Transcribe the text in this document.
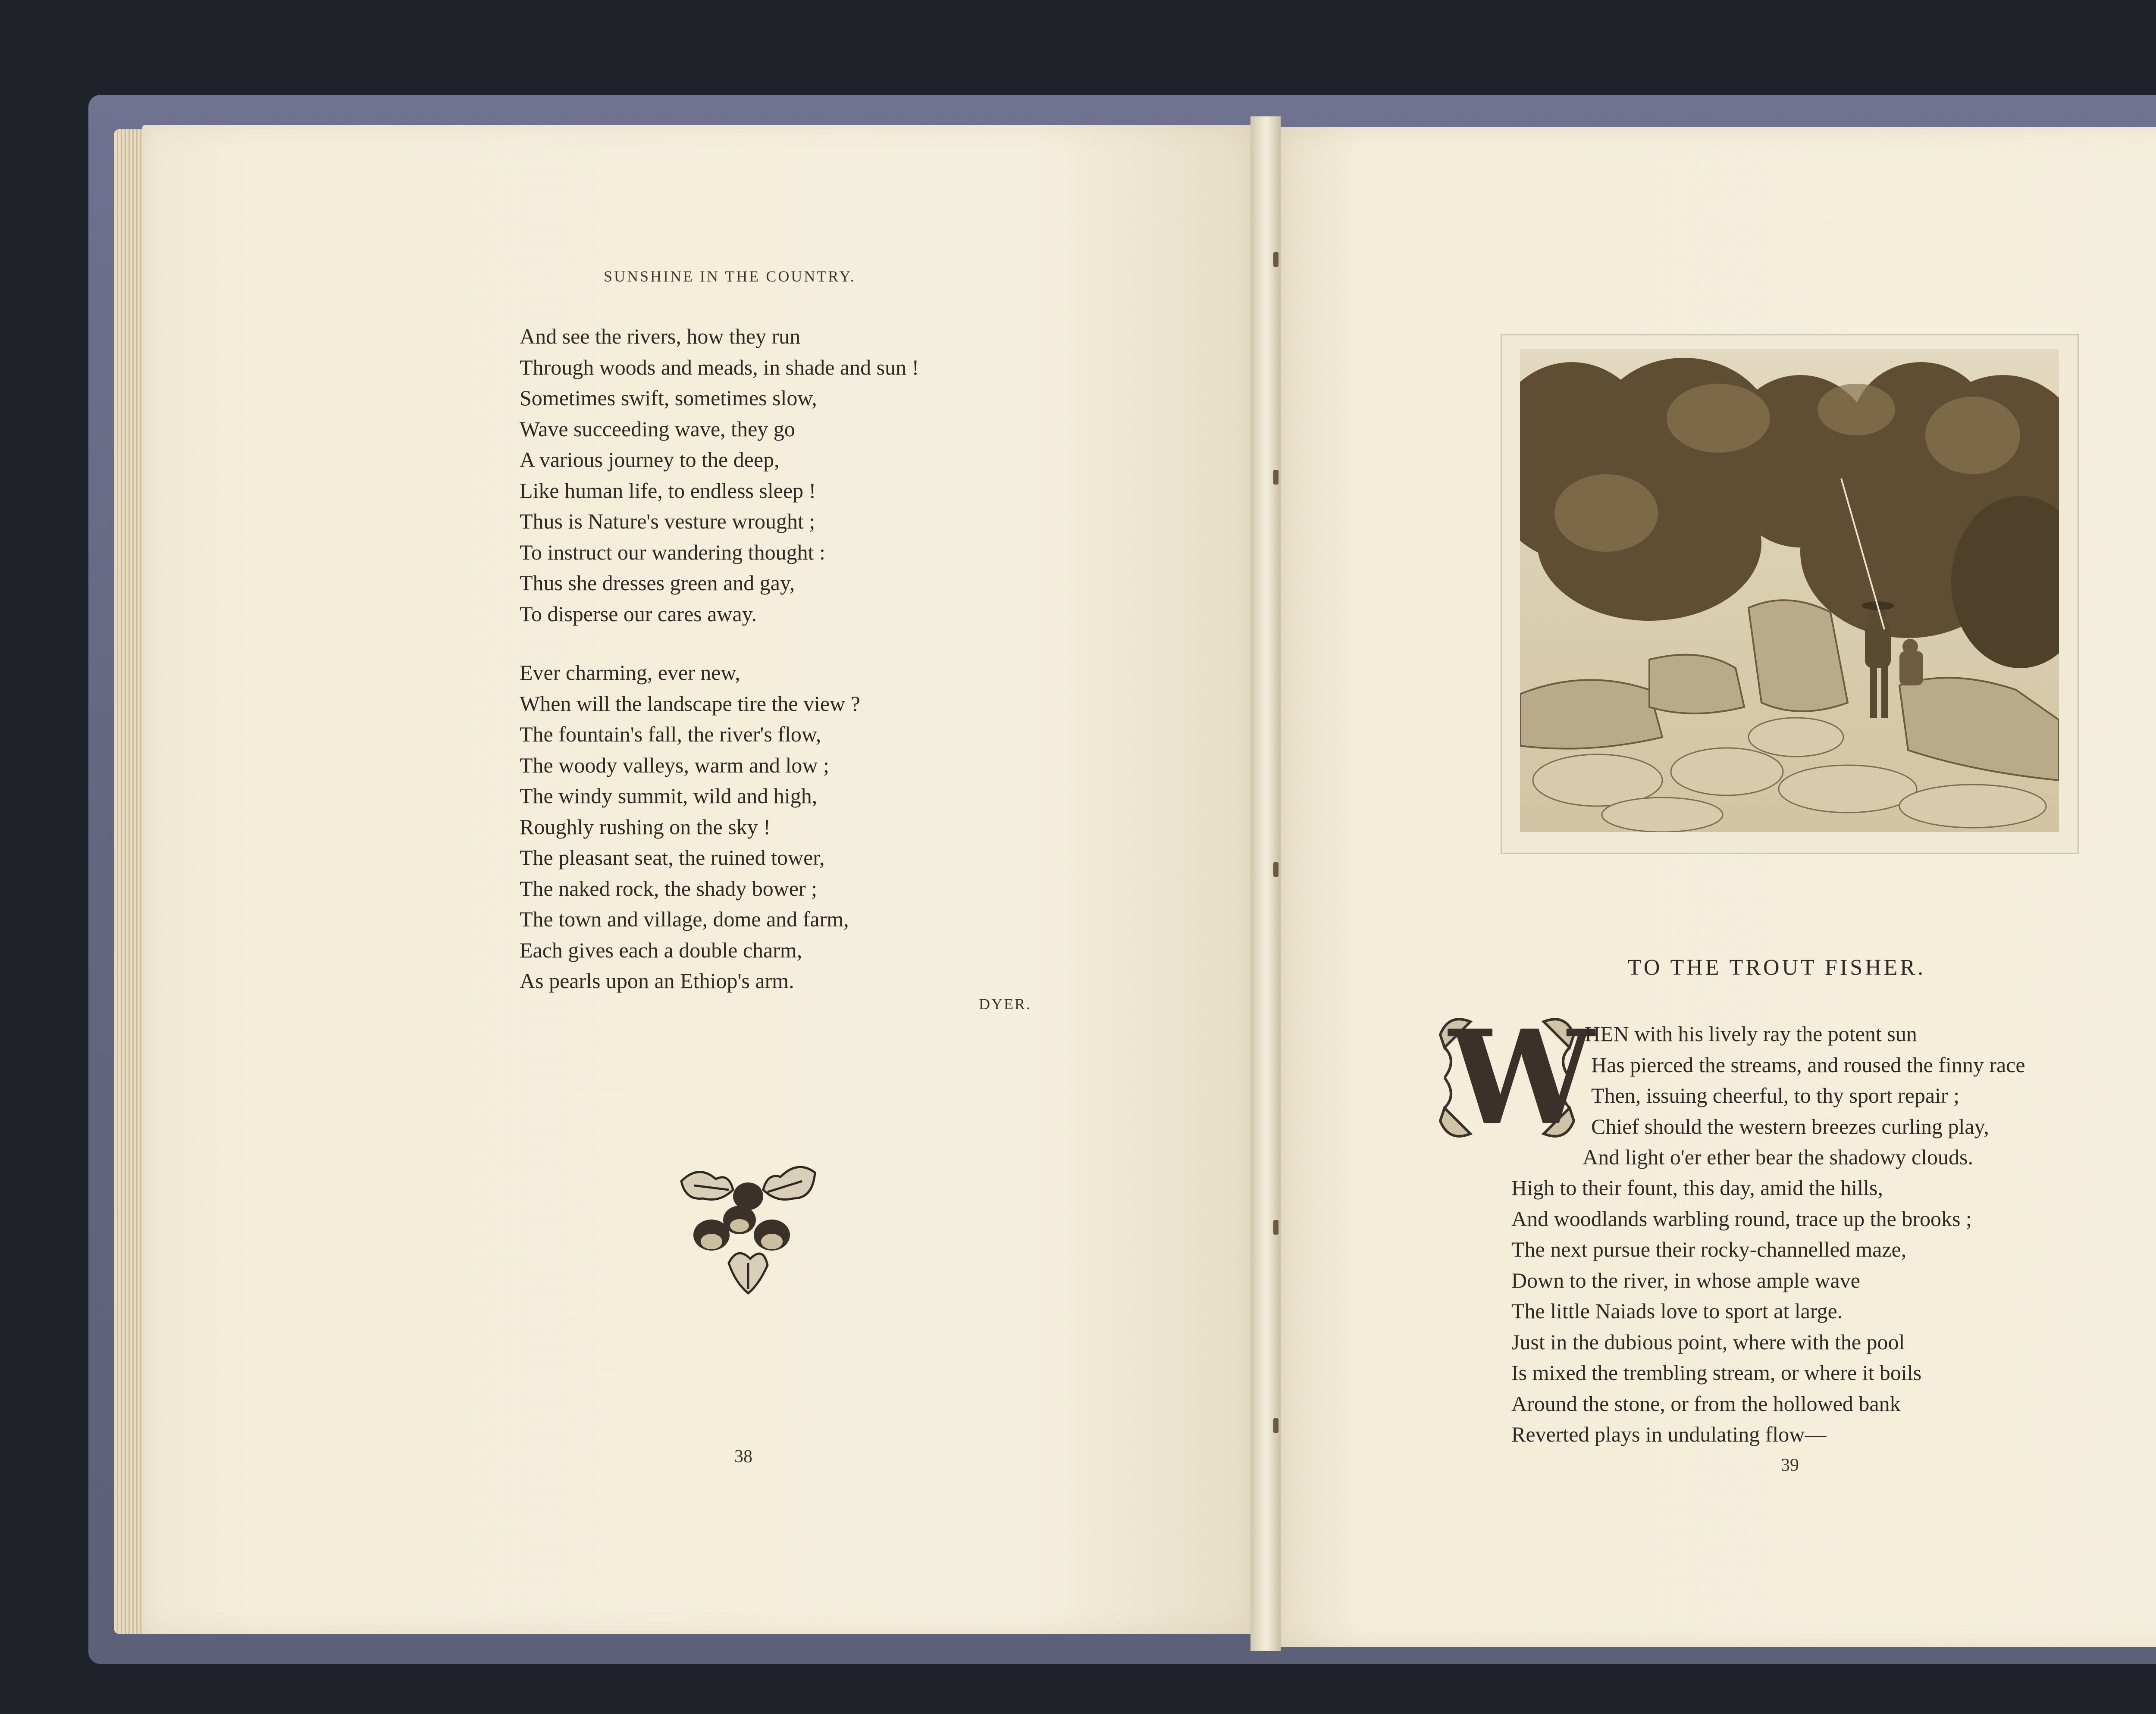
SUNSHINE IN THE COUNTRY.
And see the rivers, how they run
Through woods and meads, in shade and sun !
Sometimes swift, sometimes slow,
Wave succeeding wave, they go
A various journey to the deep,
Like human life, to endless sleep !
Thus is Nature's vesture wrought ;
To instruct our wandering thought :
Thus she dresses green and gay,
To disperse our cares away.
Ever charming, ever new,
When will the landscape tire the view ?
The fountain's fall, the river's flow,
The woody valleys, warm and low ;
The windy summit, wild and high,
Roughly rushing on the sky !
The pleasant seat, the ruined tower,
The naked rock, the shady bower ;
The town and village, dome and farm,
Each gives each a double charm,
As pearls upon an Ethiop's arm.
DYER.
38
TO THE TROUT FISHER.
W
HEN with his lively ray the potent sun
Has pierced the streams, and roused the finny race
Then, issuing cheerful, to thy sport repair ;
Chief should the western breezes curling play,
And light o'er ether bear the shadowy clouds.
High to their fount, this day, amid the hills,
And woodlands warbling round, trace up the brooks ;
The next pursue their rocky-channelled maze,
Down to the river, in whose ample wave
The little Naiads love to sport at large.
Just in the dubious point, where with the pool
Is mixed the trembling stream, or where it boils
Around the stone, or from the hollowed bank
Reverted plays in undulating flow—
39
